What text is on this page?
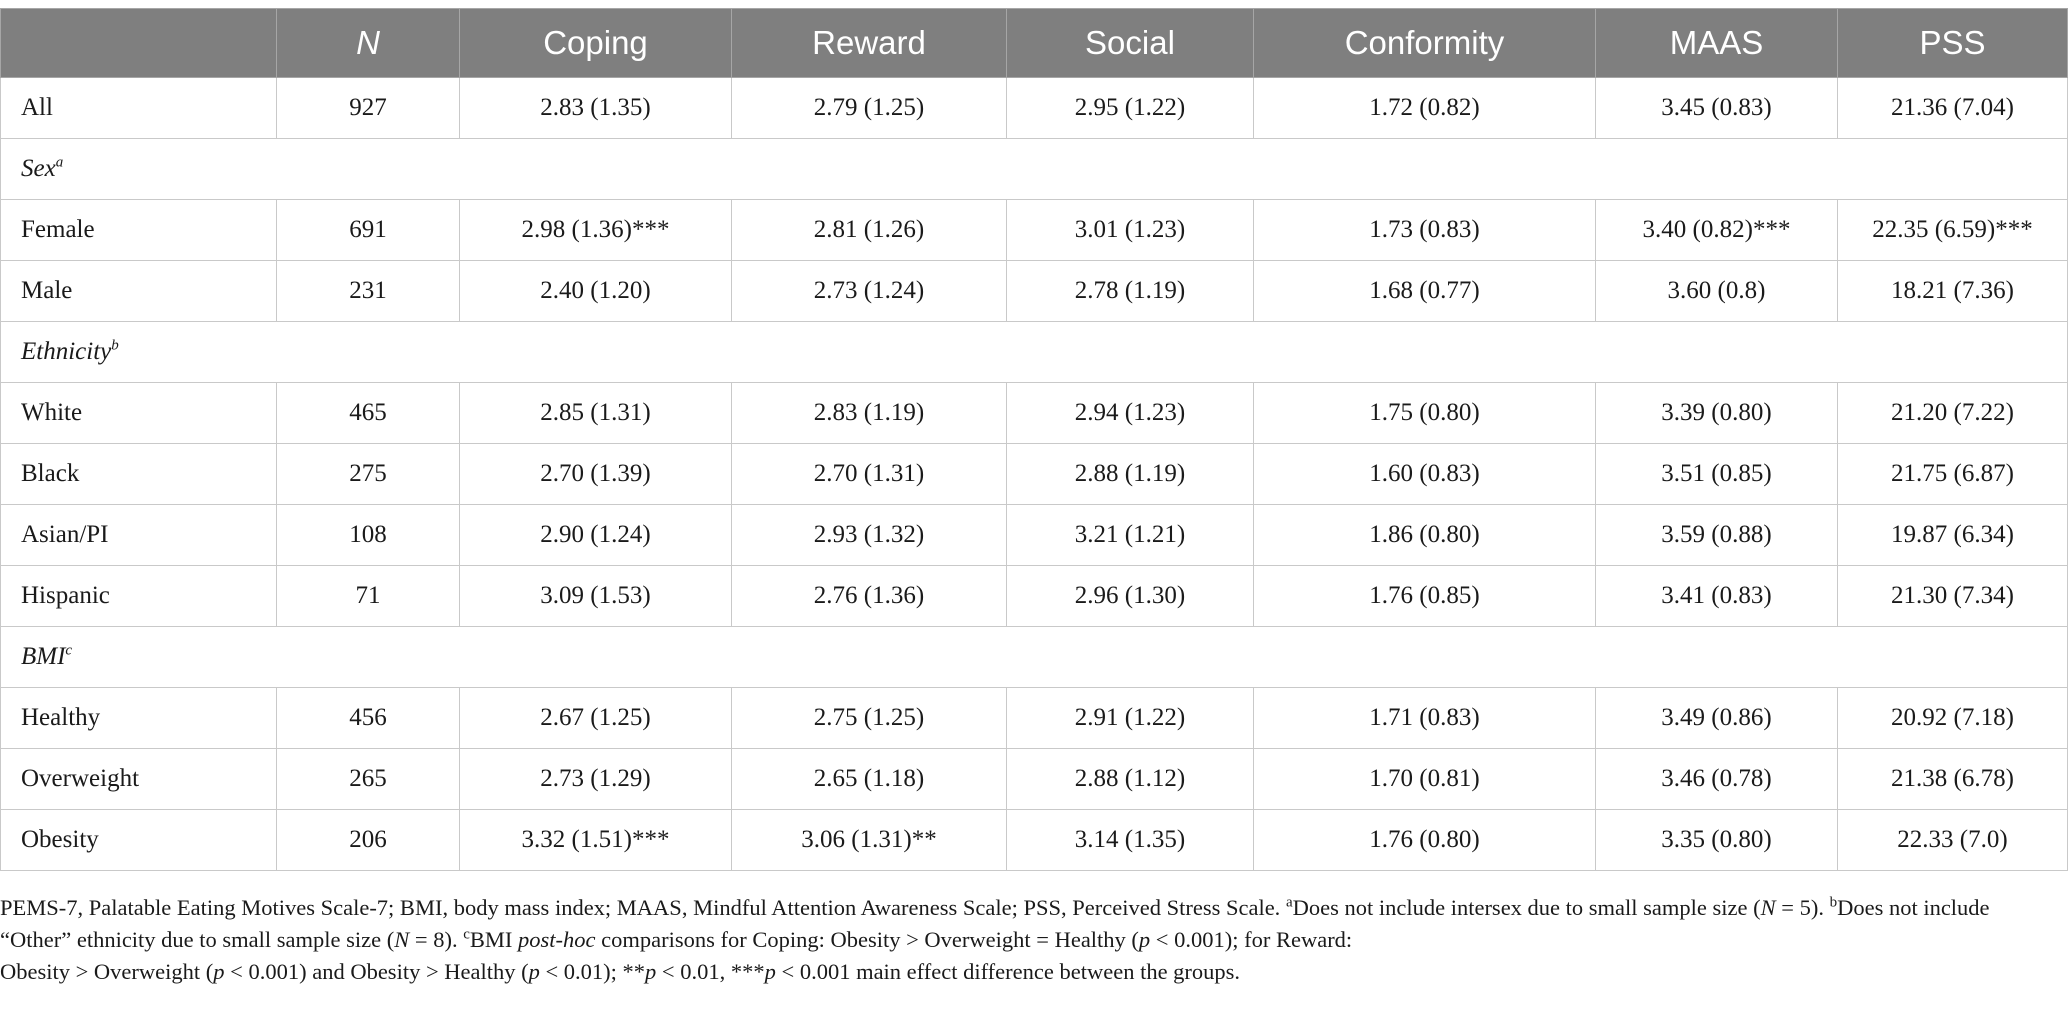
	N	Coping	Reward	Social	Conformity	MAAS	PSS
All	927	2.83 (1.35)	2.79 (1.25)	2.95 (1.22)	1.72 (0.82)	3.45 (0.83)	21.36 (7.04)
Sex$^a$
Female	691	2.98 (1.36)***	2.81 (1.26)	3.01 (1.23)	1.73 (0.83)	3.40 (0.82)***	22.35 (6.59)***
Male	231	2.40 (1.20)	2.73 (1.24)	2.78 (1.19)	1.68 (0.77)	3.60 (0.8)	18.21 (7.36)
Ethnicity$^b$
White	465	2.85 (1.31)	2.83 (1.19)	2.94 (1.23)	1.75 (0.80)	3.39 (0.80)	21.20 (7.22)
Black	275	2.70 (1.39)	2.70 (1.31)	2.88 (1.19)	1.60 (0.83)	3.51 (0.85)	21.75 (6.87)
Asian/PI	108	2.90 (1.24)	2.93 (1.32)	3.21 (1.21)	1.86 (0.80)	3.59 (0.88)	19.87 (6.34)
Hispanic	71	3.09 (1.53)	2.76 (1.36)	2.96 (1.30)	1.76 (0.85)	3.41 (0.83)	21.30 (7.34)
BMI$^c$
Healthy	456	2.67 (1.25)	2.75 (1.25)	2.91 (1.22)	1.71 (0.83)	3.49 (0.86)	20.92 (7.18)
Overweight	265	2.73 (1.29)	2.65 (1.18)	2.88 (1.12)	1.70 (0.81)	3.46 (0.78)	21.38 (6.78)
Obesity	206	3.32 (1.51)***	3.06 (1.31)**	3.14 (1.35)	1.76 (0.80)	3.35 (0.80)	22.33 (7.0)

PEMS-7, Palatable Eating Motives Scale-7; BMI, body mass index; MAAS, Mindful Attention Awareness Scale; PSS, Perceived Stress Scale. $^a$Does not include intersex due to small sample size (N = 5). $^b$Does not include “Other” ethnicity due to small sample size (N = 8). $^c$BMI post-hoc comparisons for Coping: Obesity > Overweight = Healthy (p < 0.001); for Reward:

Obesity > Overweight (p < 0.001) and Obesity > Healthy (p < 0.01); **p < 0.01, ***p < 0.001 main effect difference between the groups.
